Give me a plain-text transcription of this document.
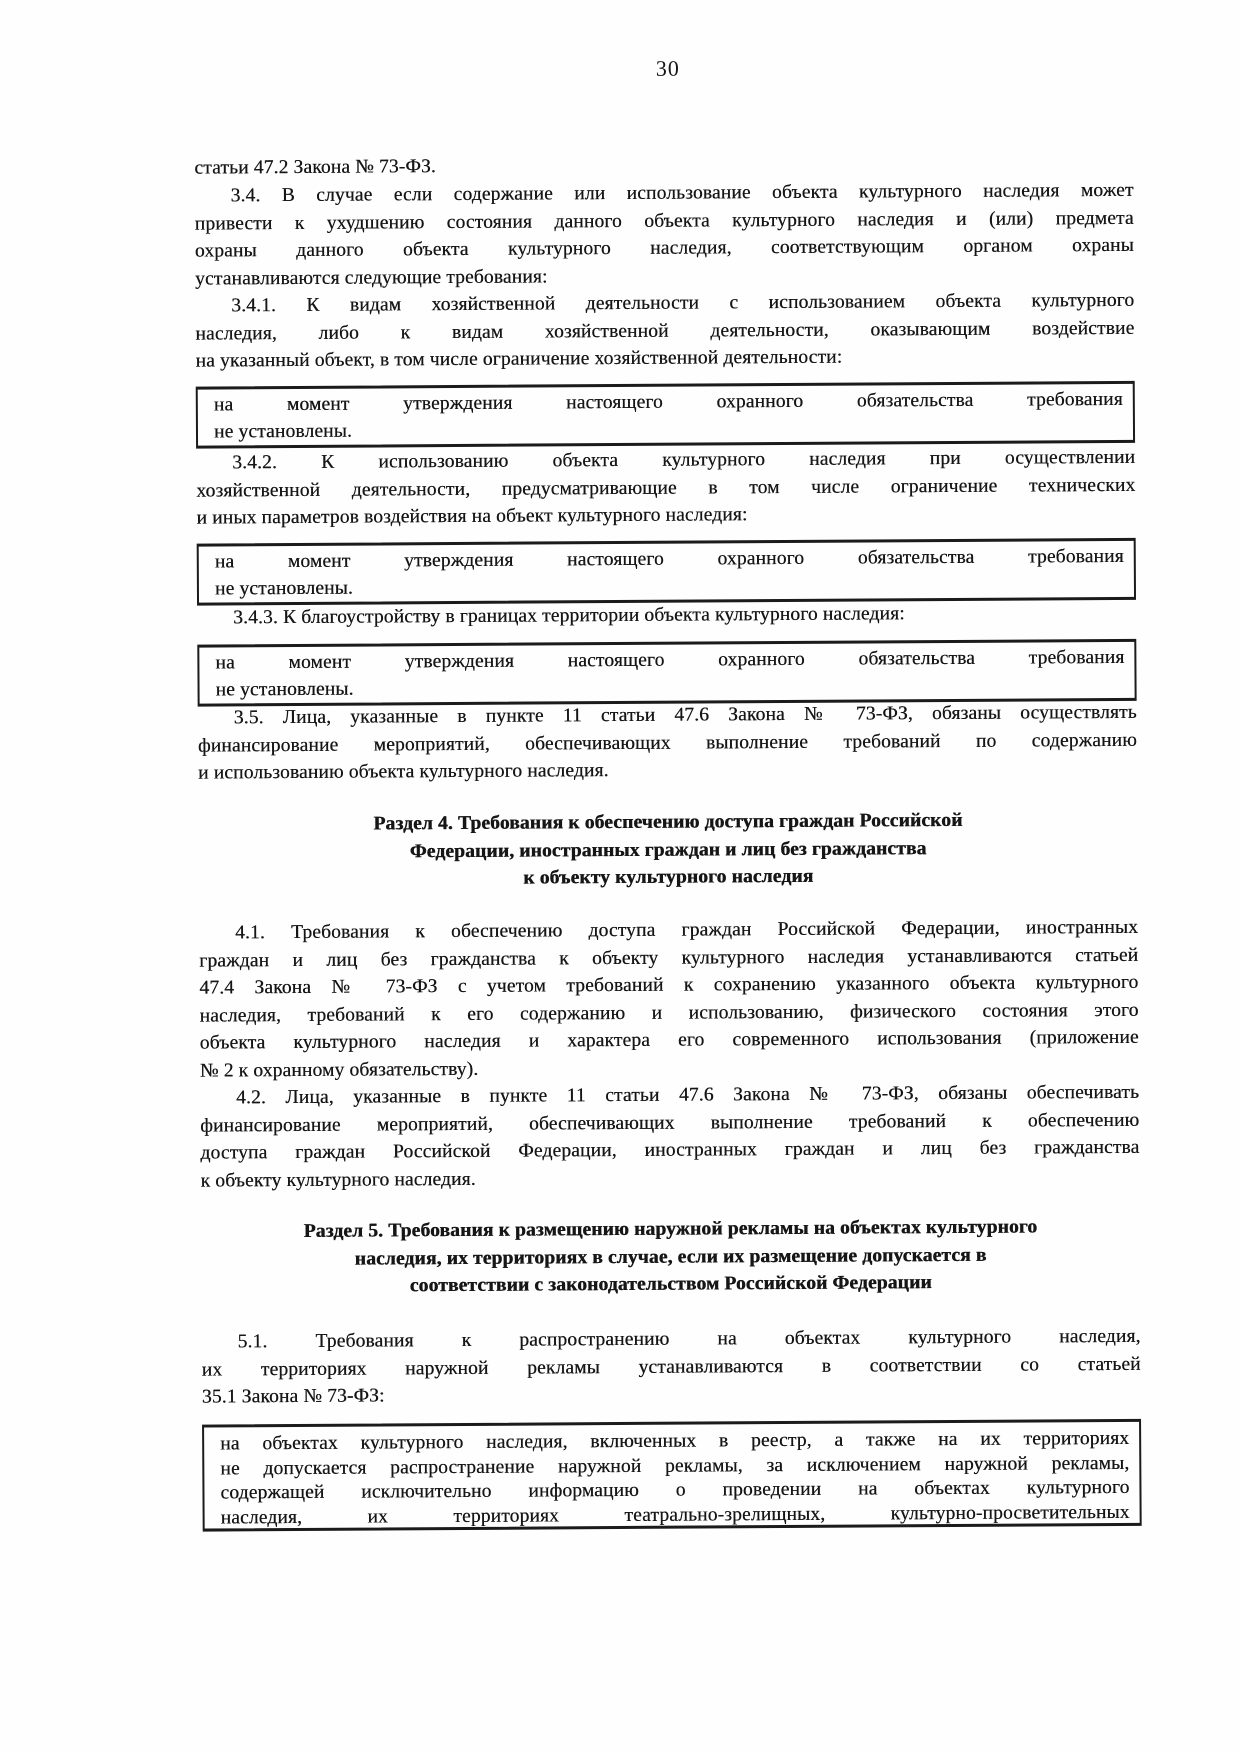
30
статьи 47.2 Закона № 73-ФЗ.
3.4. В случае если содержание или использование объекта культурного наследия может
привести к ухудшению состояния данного объекта культурного наследия и (или) предмета
охраны данного объекта культурного наследия, соответствующим органом охраны
устанавливаются следующие требования:
3.4.1. К видам хозяйственной деятельности с использованием объекта культурного
наследия, либо к видам хозяйственной деятельности, оказывающим воздействие
на указанный объект, в том числе ограничение хозяйственной деятельности:
на момент утверждения настоящего охранного обязательства требования
не установлены.
3.4.2. К использованию объекта культурного наследия при осуществлении
хозяйственной деятельности, предусматривающие в том числе ограничение технических
и иных параметров воздействия на объект культурного наследия:
на момент утверждения настоящего охранного обязательства требования
не установлены.
3.4.3. К благоустройству в границах территории объекта культурного наследия:
на момент утверждения настоящего охранного обязательства требования
не установлены.
3.5. Лица, указанные в пункте 11 статьи 47.6 Закона № 73-ФЗ, обязаны осуществлять
финансирование мероприятий, обеспечивающих выполнение требований по содержанию
и использованию объекта культурного наследия.
Раздел 4. Требования к обеспечению доступа граждан Российской
Федерации, иностранных граждан и лиц без гражданства
к объекту культурного наследия
4.1. Требования к обеспечению доступа граждан Российской Федерации, иностранных
граждан и лиц без гражданства к объекту культурного наследия устанавливаются статьей
47.4 Закона № 73-ФЗ с учетом требований к сохранению указанного объекта культурного
наследия, требований к его содержанию и использованию, физического состояния этого
объекта культурного наследия и характера его современного использования (приложение
№ 2 к охранному обязательству).
4.2. Лица, указанные в пункте 11 статьи 47.6 Закона № 73-ФЗ, обязаны обеспечивать
финансирование мероприятий, обеспечивающих выполнение требований к обеспечению
доступа граждан Российской Федерации, иностранных граждан и лиц без гражданства
к объекту культурного наследия.
Раздел 5. Требования к размещению наружной рекламы на объектах культурного
наследия, их территориях в случае, если их размещение допускается в
соответствии с законодательством Российской Федерации
5.1. Требования к распространению на объектах культурного наследия,
их территориях наружной рекламы устанавливаются в соответствии со статьей
35.1 Закона № 73-ФЗ:
на объектах культурного наследия, включенных в реестр, а также на их территориях
не допускается распространение наружной рекламы, за исключением наружной рекламы,
содержащей исключительно информацию о проведении на объектах культурного
наследия, их территориях театрально-зрелищных, культурно-просветительных
